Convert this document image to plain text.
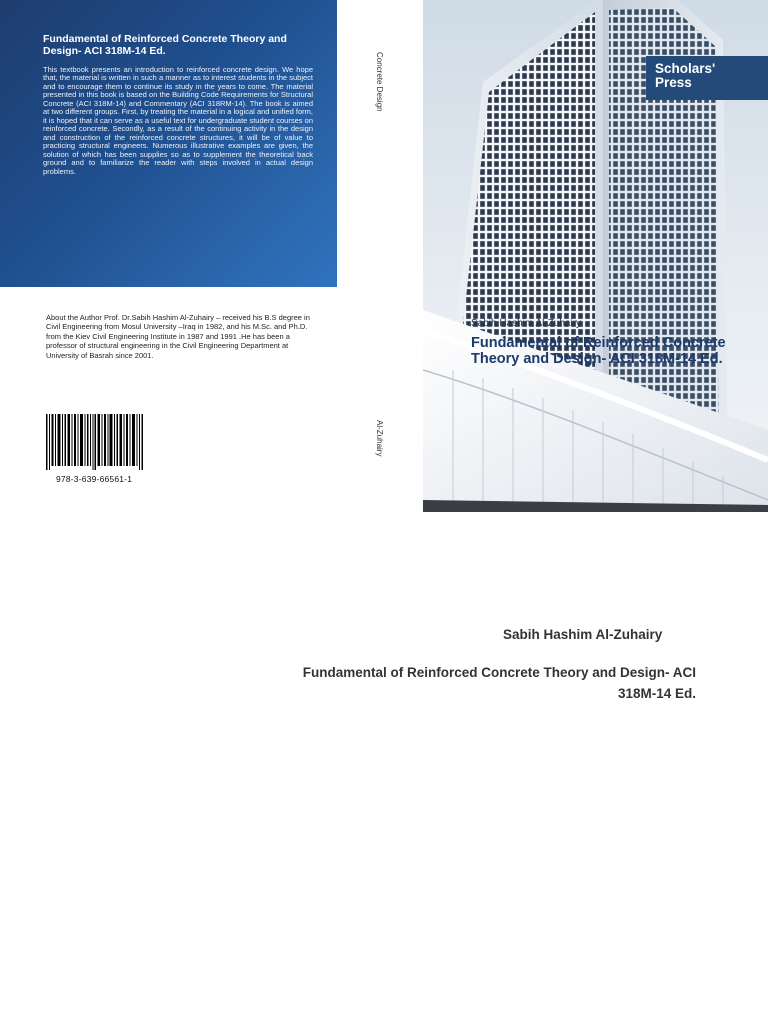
Fundamental of Reinforced Concrete Theory and Design- ACI 318M-14 Ed.
This textbook presents an introduction to reinforced concrete design. We hope that, the material is written in such a manner as to interest students in the subject and to encourage them to continue its study in the years to come. The material presented in this book is based on the Building Code Requirements for Structural Concrete (ACI 318M-14) and Commentary (ACI 318RM-14). The book is aimed at two different groups. First, by treating the material in a logical and unified form, it is hoped that it can serve as a useful text for undergraduate student courses on reinforced concrete. Secondly, as a result of the continuing activity in the design and construction of the reinforced concrete structures, it will be of value to practicing structural engineers. Numerous illustrative examples are given, the solution of which has been supplies so as to supplement the theoretical back ground and to familiarize the reader with steps involved in actual design problems.
Concrete Design
Al-Zuhairy
About the Author Prof. Dr.Sabih Hashim Al-Zuhairy – received his B.S degree in Civil Engineering from Mosul University –Iraq in 1982, and his M.Sc. and Ph.D. from the Kiev Civil Engineering Institute in 1987 and 1991 .He has been a professor of structural engineering in the Civil Engineering Department at University of Basrah since 2001.
978-3-639-66561-1
Scholars'
Press
Sabih Hashim Al-Zuhairy
Fundamental of Reinforced Concrete Theory and Design- ACI 318M-14 Ed.
Sabih Hashim Al-Zuhairy
Fundamental of Reinforced Concrete Theory and Design- ACI
318M-14 Ed.
